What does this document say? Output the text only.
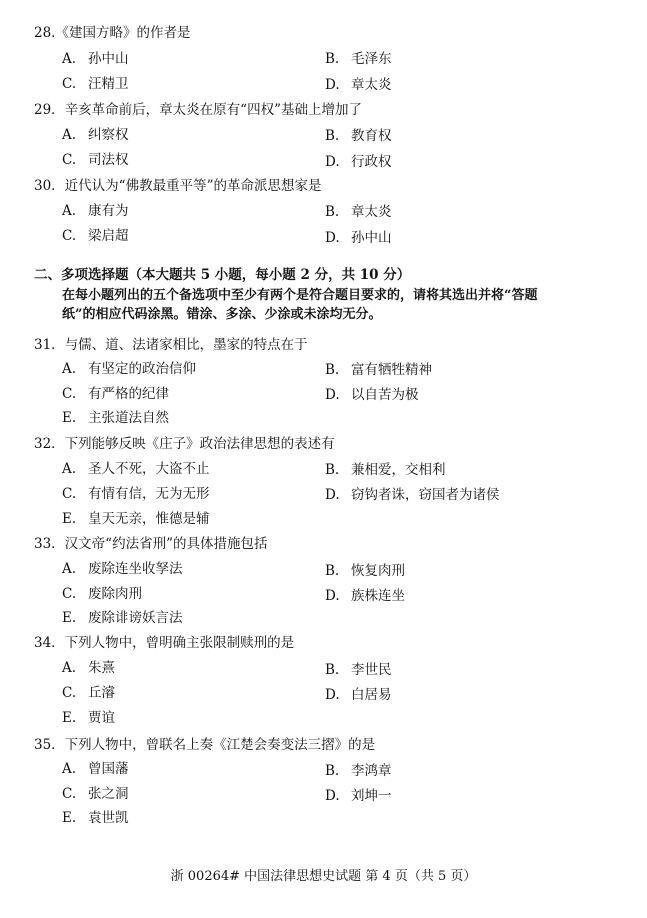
28.《建国方略》的作者是
A. 孙中山	B. 毛泽东
C. 汪精卫	D. 章太炎
29．辛亥革命前后，章太炎在原有“四权”基础上增加了
A. 纠察权	B. 教育权
C. 司法权	D. 行政权
30．近代认为“佛教最重平等”的革命派思想家是
A. 康有为	B. 章太炎
C. 梁启超	D. 孙中山
二、多项选择题（本大题共 5 小题，每小题 2 分，共 10 分）
在每小题列出的五个备选项中至少有两个是符合题目要求的，请将其选出并将“答题
纸”的相应代码涂黑。错涂、多涂、少涂或未涂均无分。
31．与儒、道、法诸家相比，墨家的特点在于
A. 有坚定的政治信仰	B. 富有牺牲精神
C. 有严格的纪律	D. 以自苦为极
E. 主张道法自然
32．下列能够反映《庄子》政治法律思想的表述有
A. 圣人不死，大盗不止	B. 兼相爱，交相利
C. 有情有信，无为无形	D. 窃钩者诛，窃国者为诸侯
E. 皇天无亲，惟德是辅
33．汉文帝“约法省刑”的具体措施包括
A. 废除连坐收孥法	B. 恢复肉刑
C. 废除肉刑	D. 族株连坐
E. 废除诽谤妖言法
34．下列人物中，曾明确主张限制赎刑的是
A. 朱熹	B. 李世民
C. 丘濬	D. 白居易
E. 贾谊
35．下列人物中，曾联名上奏《江楚会奏变法三摺》的是
A. 曾国藩	B. 李鸿章
C. 张之洞	D. 刘坤一
E. 袁世凯
浙 00264# 中国法律思想史试题 第 4 页（共 5 页）
